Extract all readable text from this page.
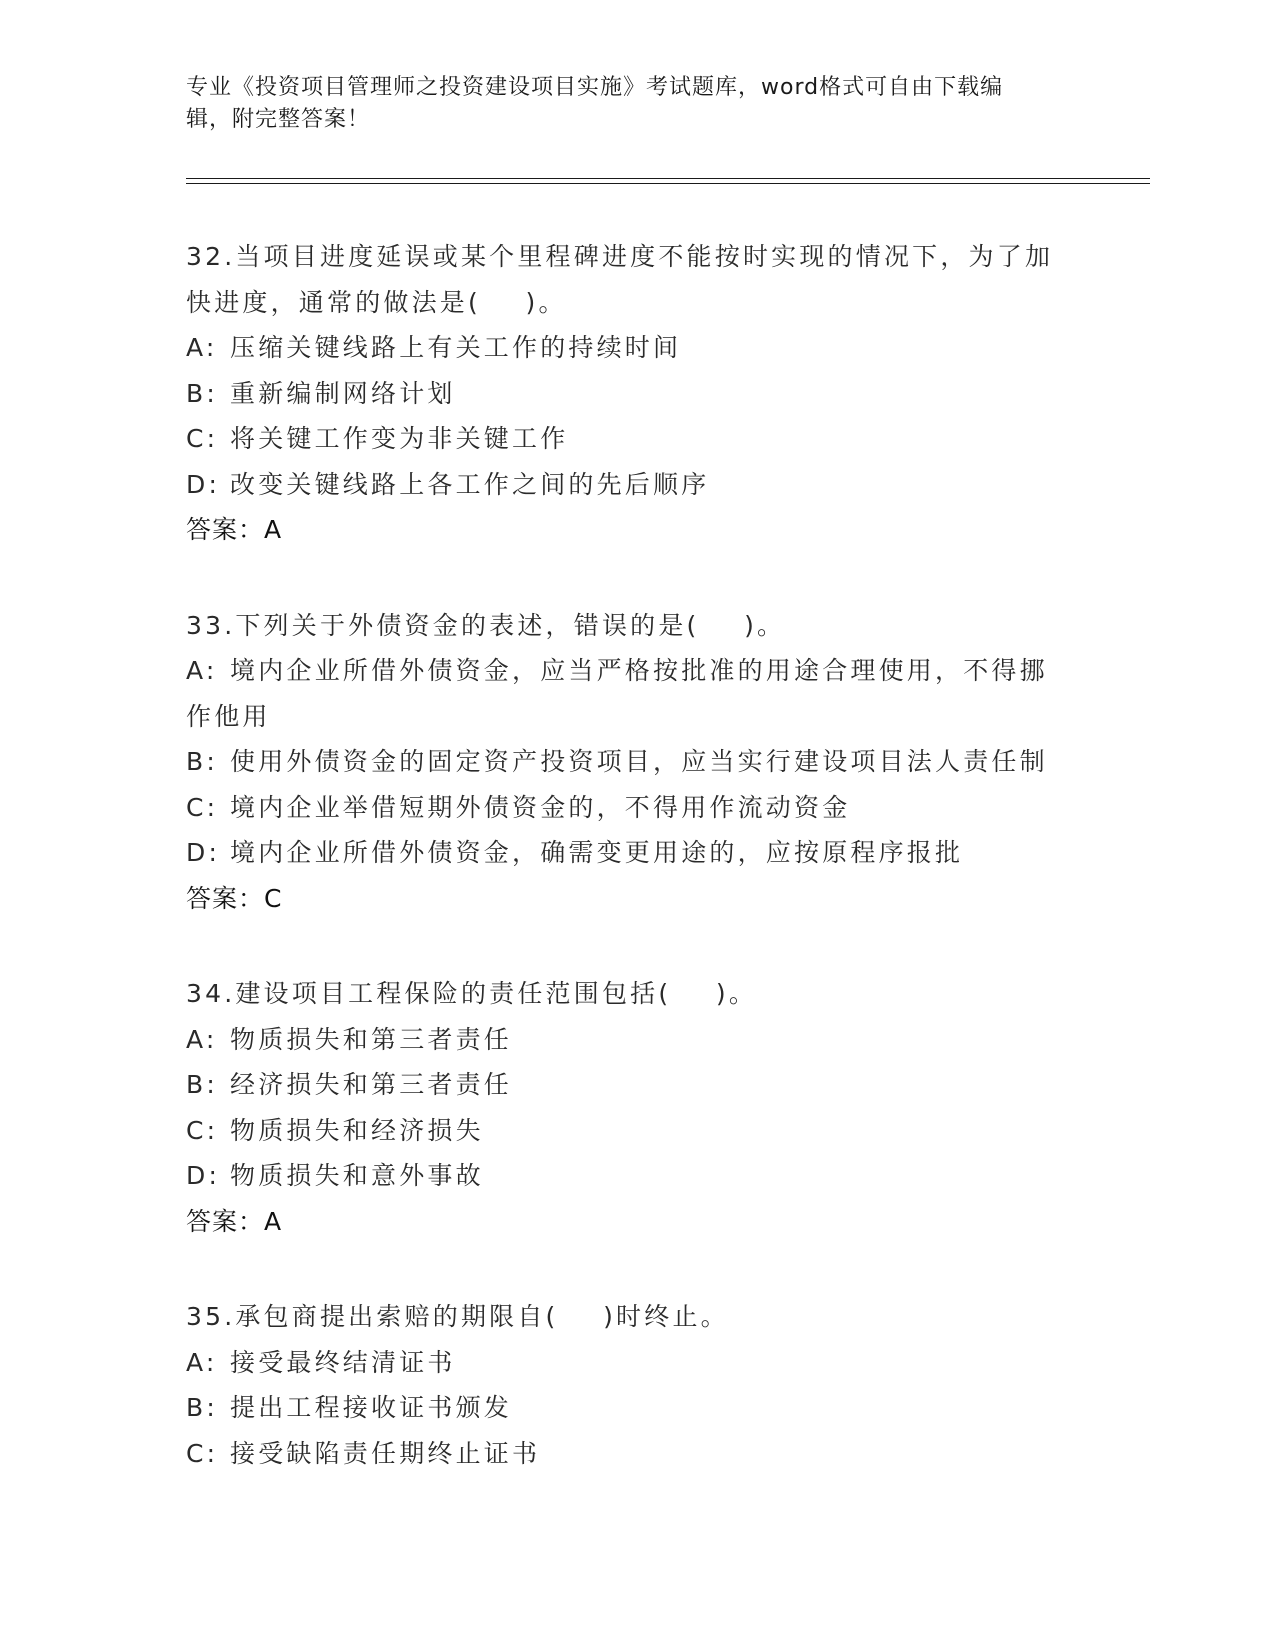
专业《投资项目管理师之投资建设项目实施》考试题库，word格式可自由下载编
辑，附完整答案！
32.当项目进度延误或某个里程碑进度不能按时实现的情况下，为了加
快进度，通常的做法是(    )。
A: 压缩关键线路上有关工作的持续时间
B: 重新编制网络计划
C: 将关键工作变为非关键工作
D: 改变关键线路上各工作之间的先后顺序
答案：A
33.下列关于外债资金的表述，错误的是(    )。
A: 境内企业所借外债资金，应当严格按批准的用途合理使用，不得挪
作他用
B: 使用外债资金的固定资产投资项目，应当实行建设项目法人责任制
C: 境内企业举借短期外债资金的，不得用作流动资金
D: 境内企业所借外债资金，确需变更用途的，应按原程序报批
答案：C
34.建设项目工程保险的责任范围包括(    )。
A: 物质损失和第三者责任
B: 经济损失和第三者责任
C: 物质损失和经济损失
D: 物质损失和意外事故
答案：A
35.承包商提出索赔的期限自(    )时终止。
A: 接受最终结清证书
B: 提出工程接收证书颁发
C: 接受缺陷责任期终止证书
